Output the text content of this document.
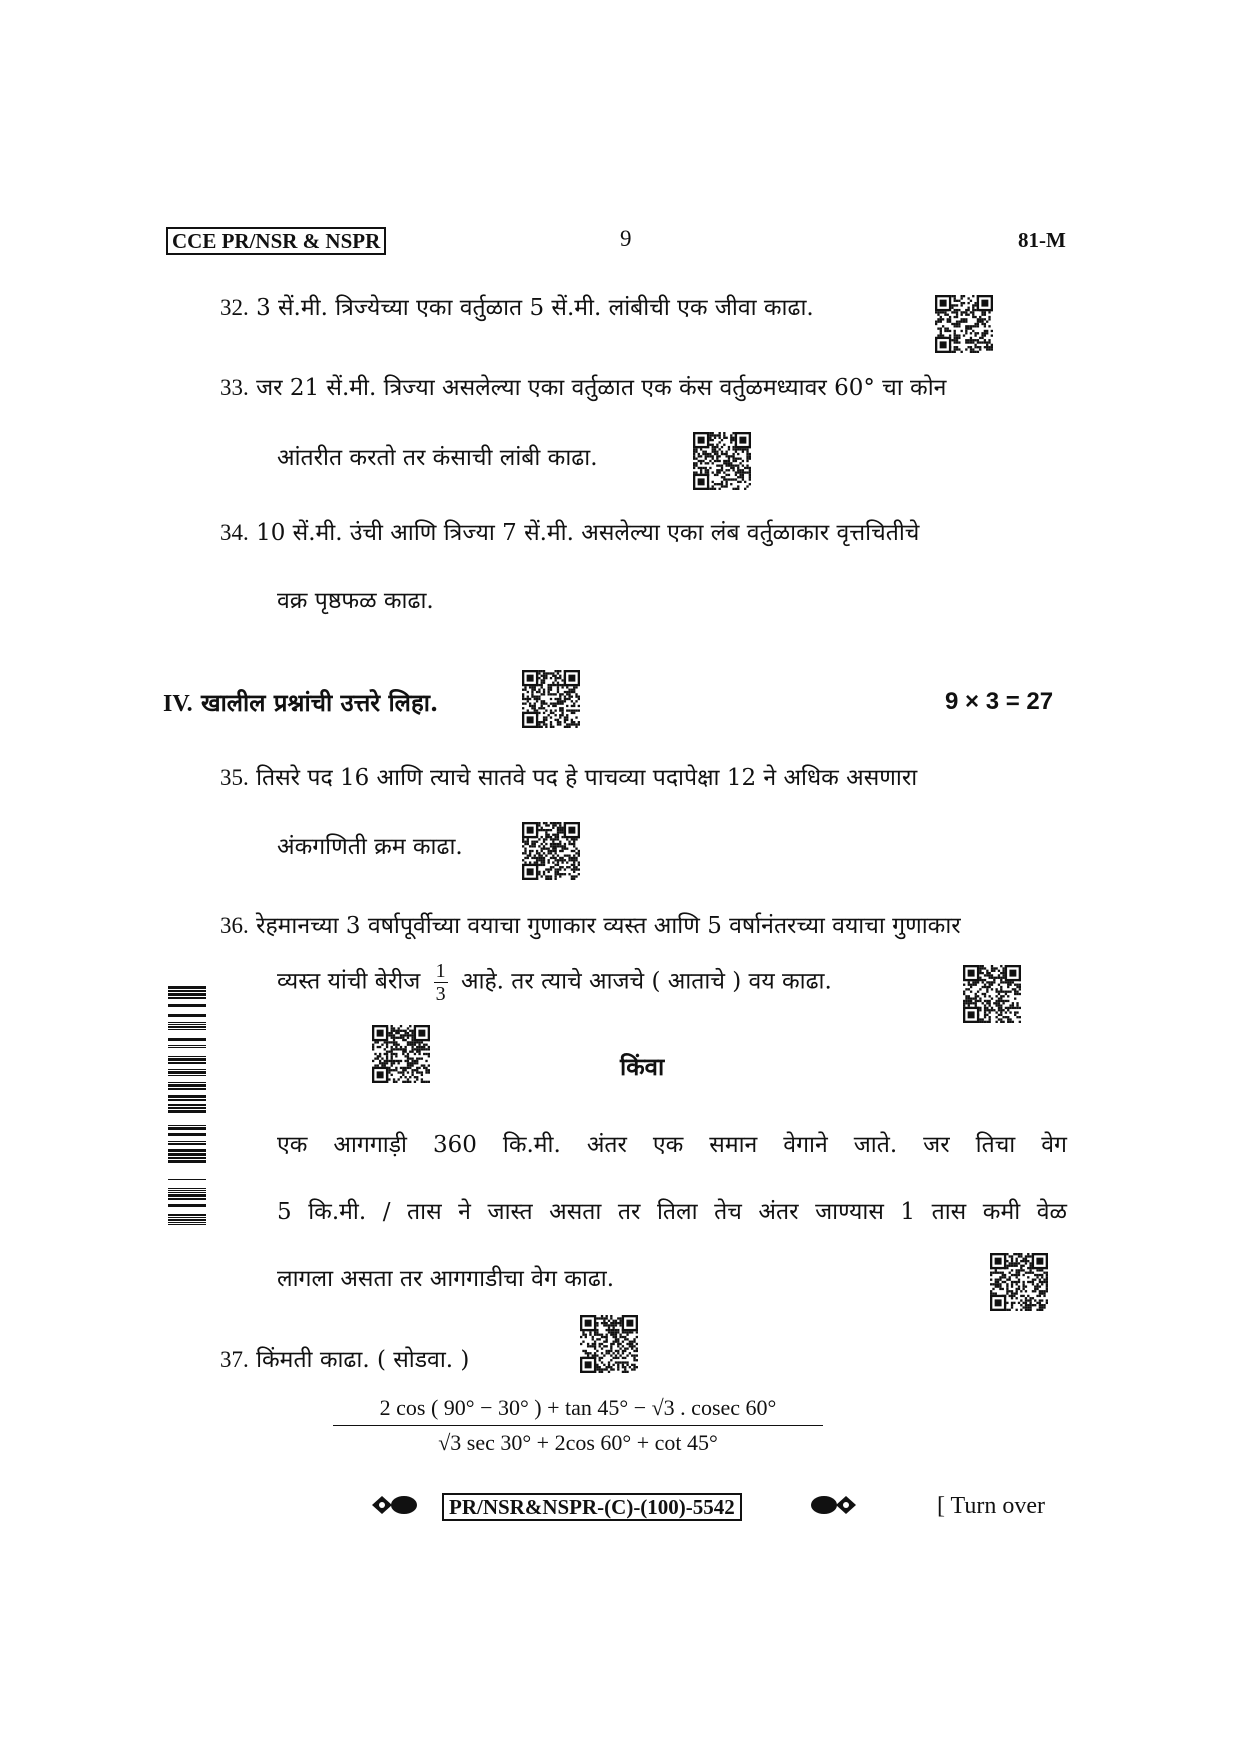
CCE PR/NSR & NSPR	9	81-M
32. 3 सें.मी. त्रिज्येच्या एका वर्तुळात 5 सें.मी. लांबीची एक जीवा काढा.
33. जर 21 सें.मी. त्रिज्या असलेल्या एका वर्तुळात एक कंस वर्तुळमध्यावर 60° चा कोन
आंतरीत करतो तर कंसाची लांबी काढा.
34. 10 सें.मी. उंची आणि त्रिज्या 7 सें.मी. असलेल्या एका लंब वर्तुळाकार वृत्तचितीचे
वक्र पृष्ठफळ काढा.
IV. खालील प्रश्नांची उत्तरे लिहा.	9 × 3 = 27
35. तिसरे पद 16 आणि त्याचे सातवे पद हे पाचव्या पदापेक्षा 12 ने अधिक असणारा
अंकगणिती क्रम काढा.
36. रेहमानच्या 3 वर्षापूर्वीच्या वयाचा गुणाकार व्यस्त आणि 5 वर्षानंतरच्या वयाचा गुणाकार
व्यस्त यांची बेरीज $\frac{1}{3}$ आहे. तर त्याचे आजचे ( आताचे ) वय काढा.
किंवा
एक आगगाड़ी 360 कि.मी. अंतर एक समान वेगाने जाते. जर तिचा वेग
5 कि.मी. / तास ने जास्त असता तर तिला तेच अंतर जाण्यास 1 तास कमी वेळ
लागला असता तर आगगाडीचा वेग काढा.
37. किंमती काढा. ( सोडवा. )
2 cos ( 90° − 30° ) + tan 45° − √3 . cosec 60°
√3 sec 30° + 2cos 60° + cot 45°
PR/NSR&NSPR-(C)-(100)-5542	[ Turn over
